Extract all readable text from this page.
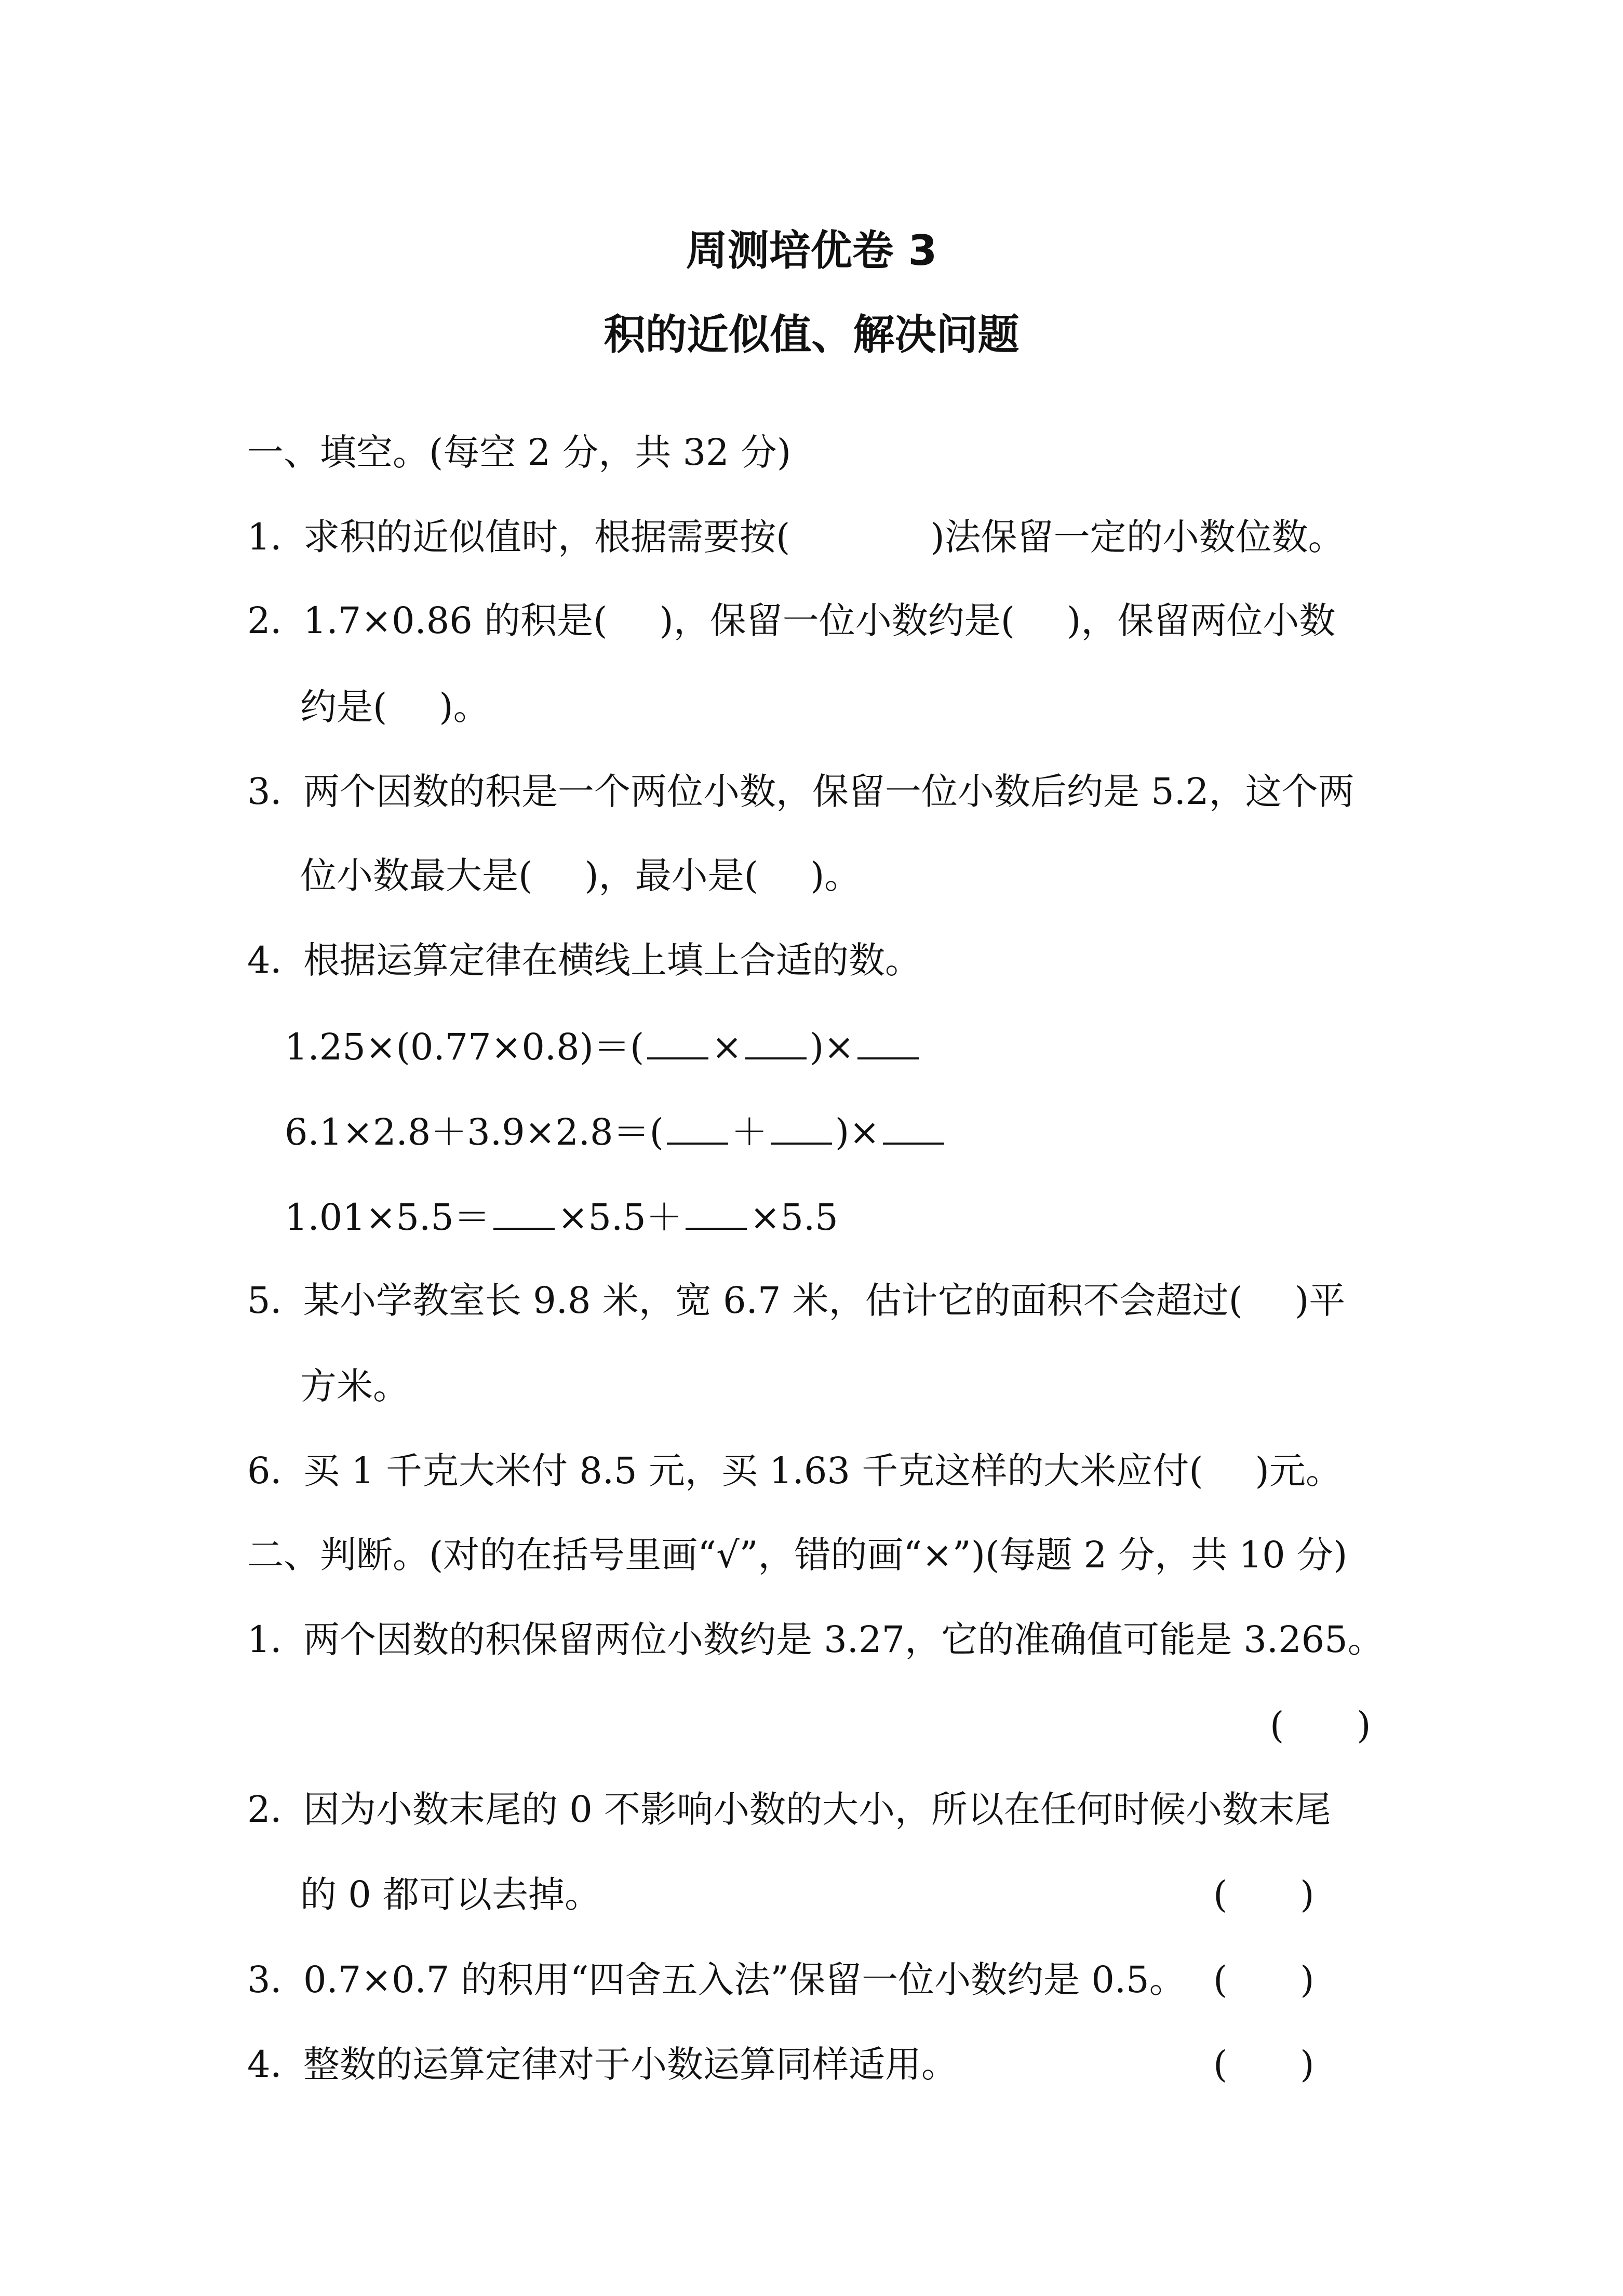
周测培优卷 3
积的近似值、解决问题
一、填空。(每空 2 分，共 32 分)
1．求积的近似值时，根据需要按(	)法保留一定的小数位数。
2．1.7×0.86 的积是( )，保留一位小数约是( )，保留两位小数
约是( )。
3．两个因数的积是一个两位小数，保留一位小数后约是 5.2，这个两
位小数最大是( )，最小是( )。
4．根据运算定律在横线上填上合适的数。
1.25×(0.77×0.8)＝( × )×
6.1×2.8＋3.9×2.8＝( ＋ )×
1.01×5.5＝ ×5.5＋ ×5.5
5．某小学教室长 9.8 米，宽 6.7 米，估计它的面积不会超过( )平
方米。
6．买 1 千克大米付 8.5 元，买 1.63 千克这样的大米应付( )元。
二、判断。(对的在括号里画“√”，错的画“×”)(每题 2 分，共 10 分)
1．两个因数的积保留两位小数约是 3.27，它的准确值可能是 3.265。
(　　)
2．因为小数末尾的 0 不影响小数的大小，所以在任何时候小数末尾
的 0 都可以去掉。	(　　)
3．0.7×0.7 的积用“四舍五入法”保留一位小数约是 0.5。 (　　)
4．整数的运算定律对于小数运算同样适用。	(　　)
